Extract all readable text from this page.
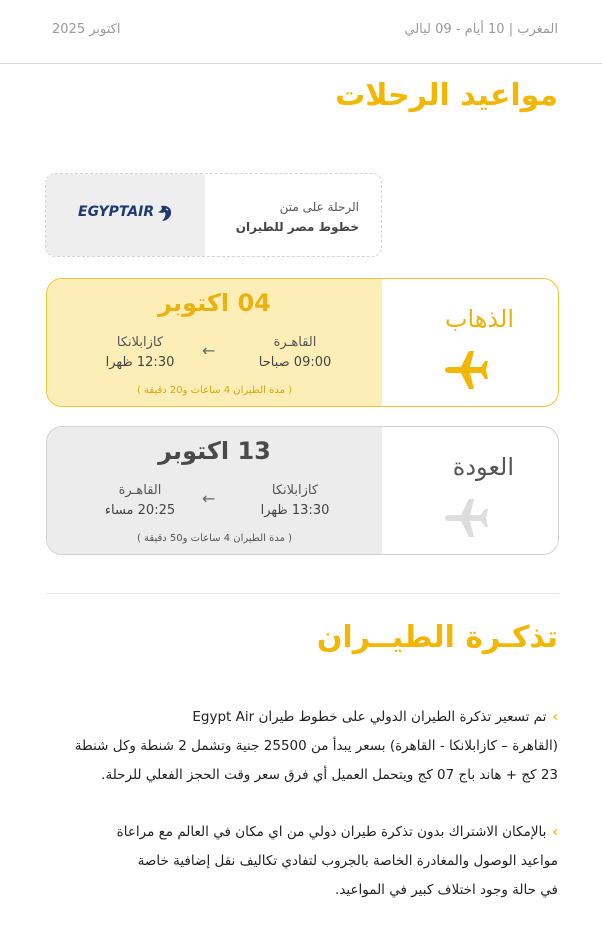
المغرب | 10 أيام - 09 ليالي
اكتوبر 2025
مواعيد الرحلات
EGYPTAIR	الرحلة على متن
خطوط مصر للطيران
04 اكتوبر
القاهـرة
09:00 صباحا
←
كازابلانكا
12:30 ظهرا
( مدة الطيران 4 ساعات و20 دقيقة )
الذهاب
13 اكتوبر
كازابلانكا
13:30 ظهرا
←
القاهـرة
20:25 مساء
( مدة الطيران 4 ساعات و50 دقيقة )
العودة
تذكـرة الطيــران
›تم تسعير تذكرة الطيران الدولي على خطوط طيران Egypt Air
(القاهرة – كازابلانكا - القاهرة) بسعر يبدأ من 25500 جنية وتشمل 2 شنطة وكل شنطة
23 كج + هاند باج 07 كج ويتحمل العميل أي فرق سعر وقت الحجز الفعلي للرحلة.
›بالإمكان الاشتراك بدون تذكرة طيران دولي من اي مكان في العالم مع مراعاة
مواعيد الوصول والمغادرة الخاصة بالجروب لتفادي تكاليف نقل إضافية خاصة
في حالة وجود اختلاف كبير في المواعيد.
